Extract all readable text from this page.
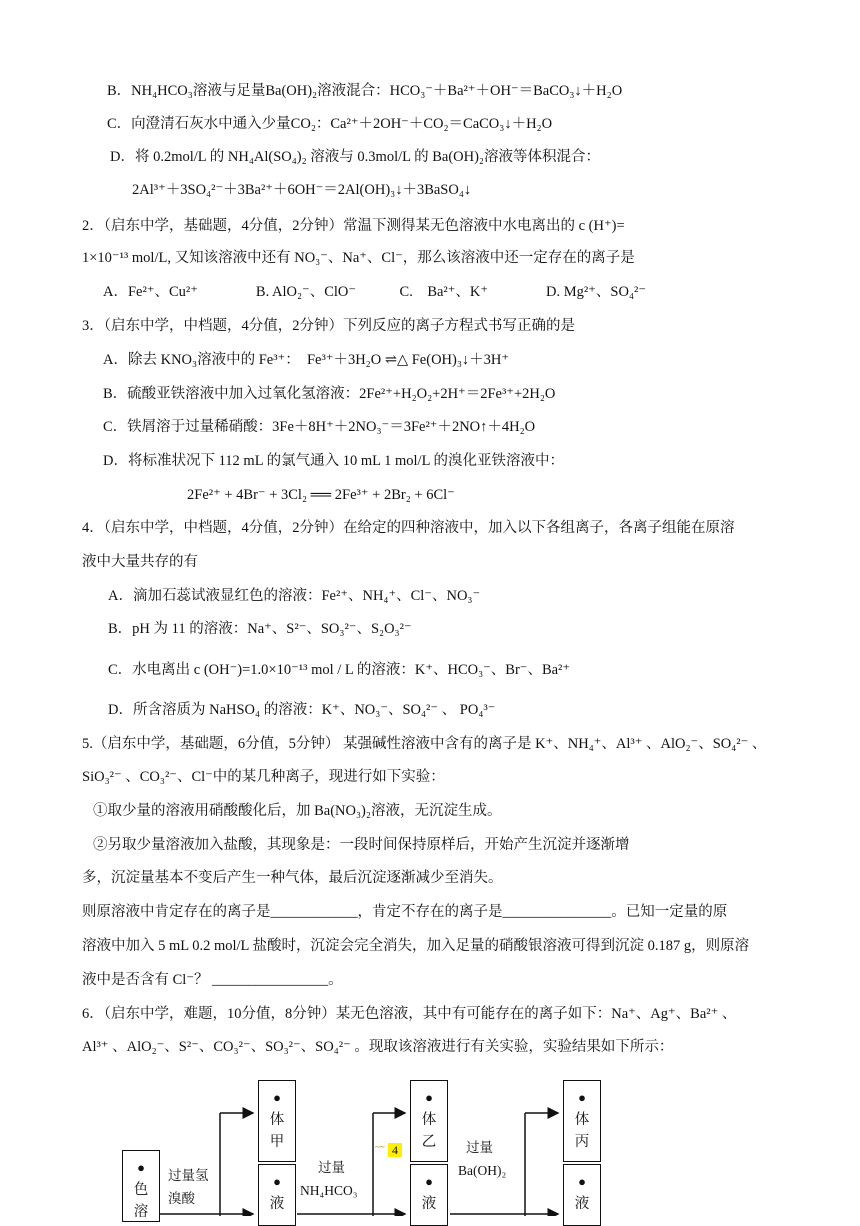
B．NH₄HCO₃溶液与足量Ba(OH)₂溶液混合：HCO₃⁻＋Ba²⁺＋OH⁻＝BaCO₃↓＋H₂O
C．向澄清石灰水中通入少量CO₂：Ca²⁺＋2OH⁻＋CO₂＝CaCO₃↓＋H₂O
D．将 0.2mol/L 的 NH₄Al(SO₄)₂ 溶液与 0.3mol/L 的 Ba(OH)₂溶液等体积混合：
2Al³⁺＋3SO₄²⁻＋3Ba²⁺＋6OH⁻＝2Al(OH)₃↓＋3BaSO₄↓
2．（启东中学，基础题，4分值，2分钟）常温下测得某无色溶液中水电离出的 c (H⁺)=
1×10⁻¹³ mol/L, 又知该溶液中还有 NO₃⁻、Na⁺、Cl⁻，那么该溶液中还一定存在的离子是
A．Fe²⁺、Cu²⁺　　　　B. AlO₂⁻、ClO⁻　　　C.　Ba²⁺、K⁺　　　　D. Mg²⁺、SO₄²⁻
3．（启东中学，中档题，4分值，2分钟）下列反应的离子方程式书写正确的是
A．除去 KNO₃溶液中的 Fe³⁺：　Fe³⁺＋3H₂O ⇌△ Fe(OH)₃↓＋3H⁺
B．硫酸亚铁溶液中加入过氧化氢溶液：2Fe²⁺+H₂O₂+2H⁺＝2Fe³⁺+2H₂O
C．铁屑溶于过量稀硝酸：3Fe＋8H⁺＋2NO₃⁻＝3Fe²⁺＋2NO↑＋4H₂O
D．将标准状况下 112 mL 的氯气通入 10 mL 1 mol/L 的溴化亚铁溶液中：
2Fe²⁺ + 4Br⁻ + 3Cl₂ ══ 2Fe³⁺ + 2Br₂ + 6Cl⁻
4．（启东中学，中档题，4分值，2分钟）在给定的四种溶液中，加入以下各组离子，各离子组能在原溶
液中大量共存的有
A．滴加石蕊试液显红色的溶液：Fe²⁺、NH₄⁺、Cl⁻、NO₃⁻
B．pH 为 11 的溶液：Na⁺、S²⁻、SO₃²⁻、S₂O₃²⁻
C．水电离出 c (OH⁻)=1.0×10⁻¹³ mol / L 的溶液：K⁺、HCO₃⁻、Br⁻、Ba²⁺
D．所含溶质为 NaHSO₄ 的溶液：K⁺、NO₃⁻、SO₄²⁻ 、 PO₄³⁻
5.（启东中学，基础题，6分值，5分钟） 某强碱性溶液中含有的离子是 K⁺、NH₄⁺、Al³⁺ 、AlO₂⁻、SO₄²⁻ 、
SiO₃²⁻ 、CO₃²⁻、Cl⁻中的某几种离子，现进行如下实验：
①取少量的溶液用硝酸酸化后，加 Ba(NO₃)₂溶液，无沉淀生成。
②另取少量溶液加入盐酸，其现象是：一段时间保持原样后，开始产生沉淀并逐渐增
多，沉淀量基本不变后产生一种气体，最后沉淀逐渐减少至消失。
则原溶液中肯定存在的离子是____________，肯定不存在的离子是_______________。已知一定量的原
溶液中加入 5 mL 0.2 mol/L 盐酸时，沉淀会完全消失，加入足量的硝酸银溶液可得到沉淀 0.187 g，则原溶
液中是否含有 Cl⁻？ ________________。
6．（启东中学，难题，10分值，8分钟）某无色溶液，其中有可能存在的离子如下：Na⁺、Ag⁺、Ba²⁺ 、
Al³⁺ 、AlO₂⁻、S²⁻、CO₃²⁻、SO₃²⁻、SO₄²⁻ 。现取该溶液进行有关实验，实验结果如下所示：
●
色
溶
●
体
甲
●
液
●
体
乙
●
液
●
体
丙
●
液
过量氢
溴酸
过量
NH₄HCO₃
过量
Ba(OH)₂
~~ 4
